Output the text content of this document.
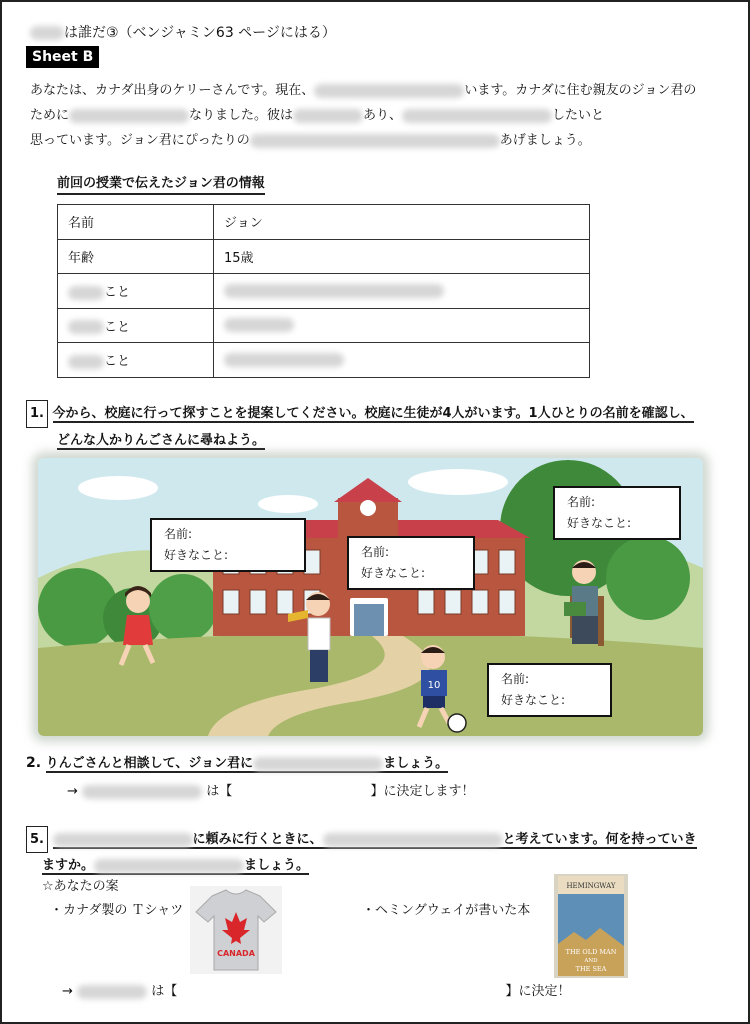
は誰だ③（ベンジャミン63 ページにはる）
Sheet B
あなたは、カナダ出身のケリーさんです。現在、	います。カナダに住む親友のジョン君の
ために	なりました。彼は	あり、	したいと
思っています。ジョン君にぴったりの	あげましょう。
前回の授業で伝えたジョン君の情報
名前	ジョン
年齢	15歳
こと	
こと	
こと	
1. 今から、校庭に行って探すことを提案してください。校庭に生徒が4人がいます。1人ひとりの名前を確認し、
どんな人かりんごさんに尋ねよう。
10
名前:
好きなこと:	名前:
好きなこと:
名前:
好きなこと:
名前:
好きなこと:
2. りんごさんと相談して、ジョン君に	ましょう。
→	は【	】に決定します！
5.	に頼みに行くときに、	と考えています。何を持っていき
ますか。	ましょう。
☆あなたの案
・カナダ製の Ｔシャツ	・ヘミングウェイが書いた本
CANADA
HEMINGWAY
THE OLD MAN
AND
THE SEA
→	は【	】に決定！
